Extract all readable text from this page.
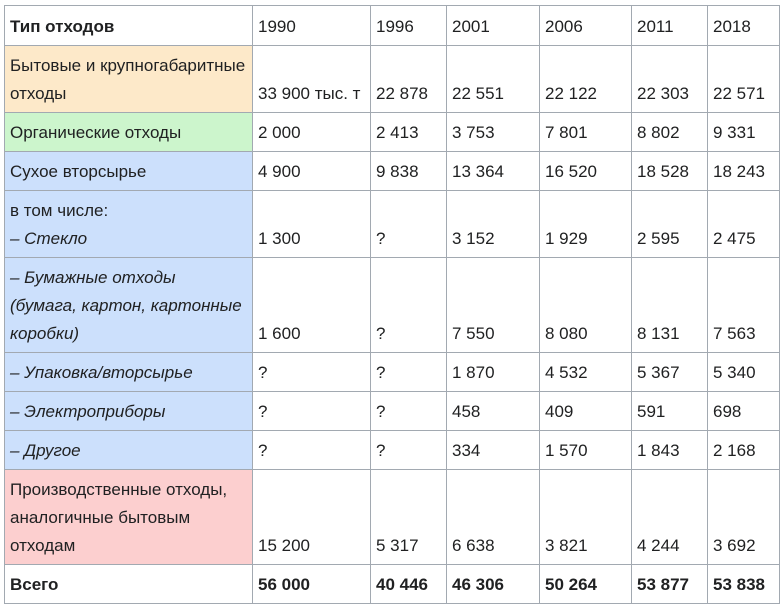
Тип отходов	1990	1996	2001	2006	2011	2018
Бытовые и крупногабаритные отходы	33 900 тыс. т	22 878	22 551	22 122	22 303	22 571
Органические отходы	2 000	2 413	3 753	7 801	8 802	9 331
Сухое вторсырье	4 900	9 838	13 364	16 520	18 528	18 243
в том числе:
– Стекло	1 300	?	3 152	1 929	2 595	2 475
– Бумажные отходы (бумага, картон, картонные коробки)	1 600	?	7 550	8 080	8 131	7 563
– Упаковка/вторсырье	?	?	1 870	4 532	5 367	5 340
– Электроприборы	?	?	458	409	591	698
– Другое	?	?	334	1 570	1 843	2 168
Производственные отходы, аналогичные бытовым отходам	15 200	5 317	6 638	3 821	4 244	3 692
Всего	56 000	40 446	46 306	50 264	53 877	53 838
